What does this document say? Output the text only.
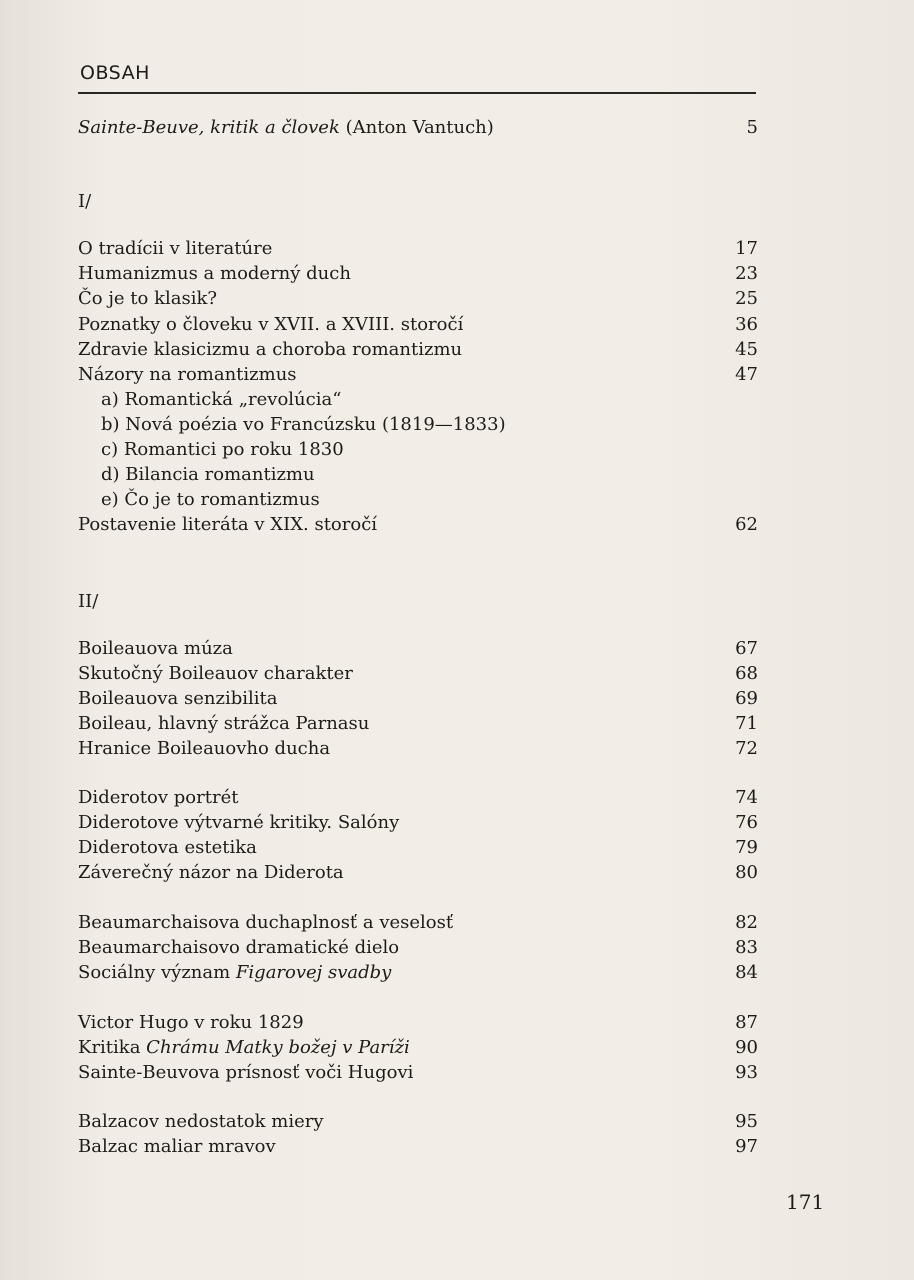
OBSAH
Sainte-Beuve, kritik a človek (Anton Vantuch)	5
I/
O tradícii v literatúre	17
Humanizmus a moderný duch	23
Čo je to klasik?	25
Poznatky o človeku v XVII. a XVIII. storočí	36
Zdravie klasicizmu a choroba romantizmu	45
Názory na romantizmus	47
a) Romantická „revolúcia“
b) Nová poézia vo Francúzsku (1819—1833)
c) Romantici po roku 1830
d) Bilancia romantizmu
e) Čo je to romantizmus
Postavenie literáta v XIX. storočí	62
II/
Boileauova múza	67
Skutočný Boileauov charakter	68
Boileauova senzibilita	69
Boileau, hlavný strážca Parnasu	71
Hranice Boileauovho ducha	72
Diderotov portrét	74
Diderotove výtvarné kritiky. Salóny	76
Diderotova estetika	79
Záverečný názor na Diderota	80
Beaumarchaisova duchaplnosť a veselosť	82
Beaumarchaisovo dramatické dielo	83
Sociálny význam Figarovej svadby	84
Victor Hugo v roku 1829	87
Kritika Chrámu Matky božej v Paríži	90
Sainte-Beuvova prísnosť voči Hugovi	93
Balzacov nedostatok miery	95
Balzac maliar mravov	97
171
